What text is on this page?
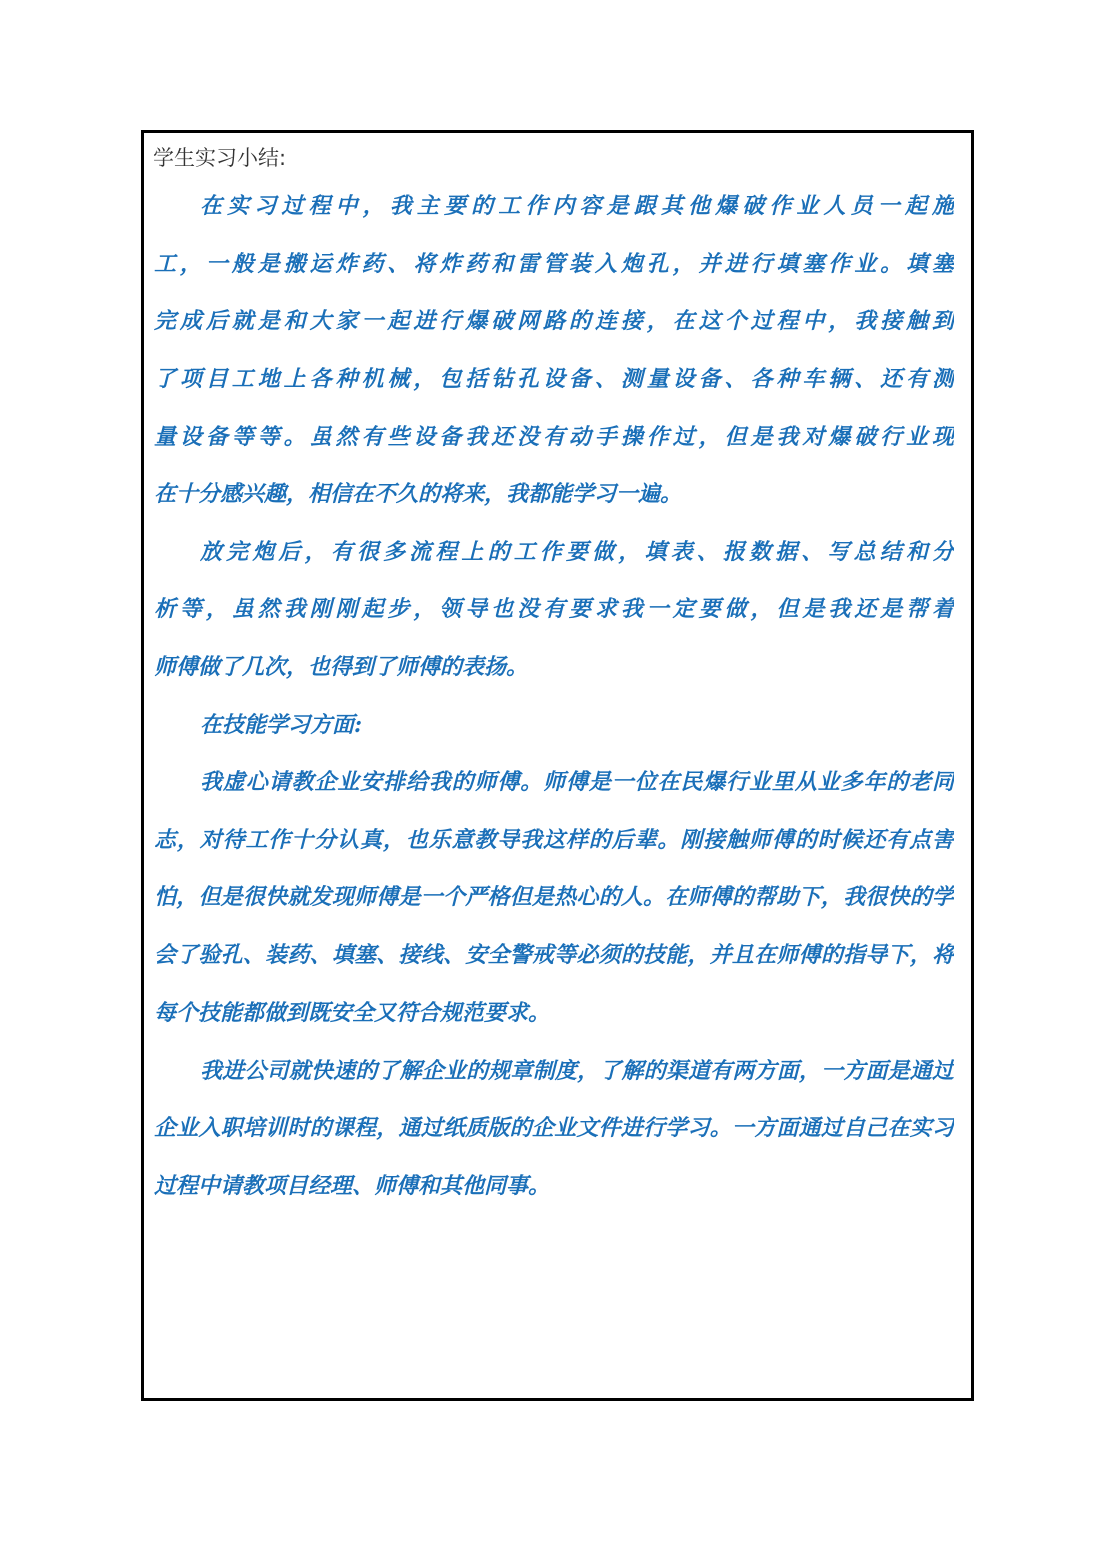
学生实习小结:
在实习过程中，我主要的工作内容是跟其他爆破作业人员一起施
工，一般是搬运炸药、将炸药和雷管装入炮孔，并进行填塞作业。填塞
完成后就是和大家一起进行爆破网路的连接，在这个过程中，我接触到
了项目工地上各种机械，包括钻孔设备、测量设备、各种车辆、还有测
量设备等等。虽然有些设备我还没有动手操作过，但是我对爆破行业现
在十分感兴趣，相信在不久的将来，我都能学习一遍。
放完炮后，有很多流程上的工作要做，填表、报数据、写总结和分
析等，虽然我刚刚起步，领导也没有要求我一定要做，但是我还是帮着
师傅做了几次，也得到了师傅的表扬。
在技能学习方面:
我虚心请教企业安排给我的师傅。师傅是一位在民爆行业里从业多年的老同
志，对待工作十分认真，也乐意教导我这样的后辈。刚接触师傅的时候还有点害
怕，但是很快就发现师傅是一个严格但是热心的人。在师傅的帮助下，我很快的学
会了验孔、装药、填塞、接线、安全警戒等必须的技能，并且在师傅的指导下，将
每个技能都做到既安全又符合规范要求。
我进公司就快速的了解企业的规章制度，了解的渠道有两方面，一方面是通过
企业入职培训时的课程，通过纸质版的企业文件进行学习。一方面通过自己在实习
过程中请教项目经理、师傅和其他同事。
